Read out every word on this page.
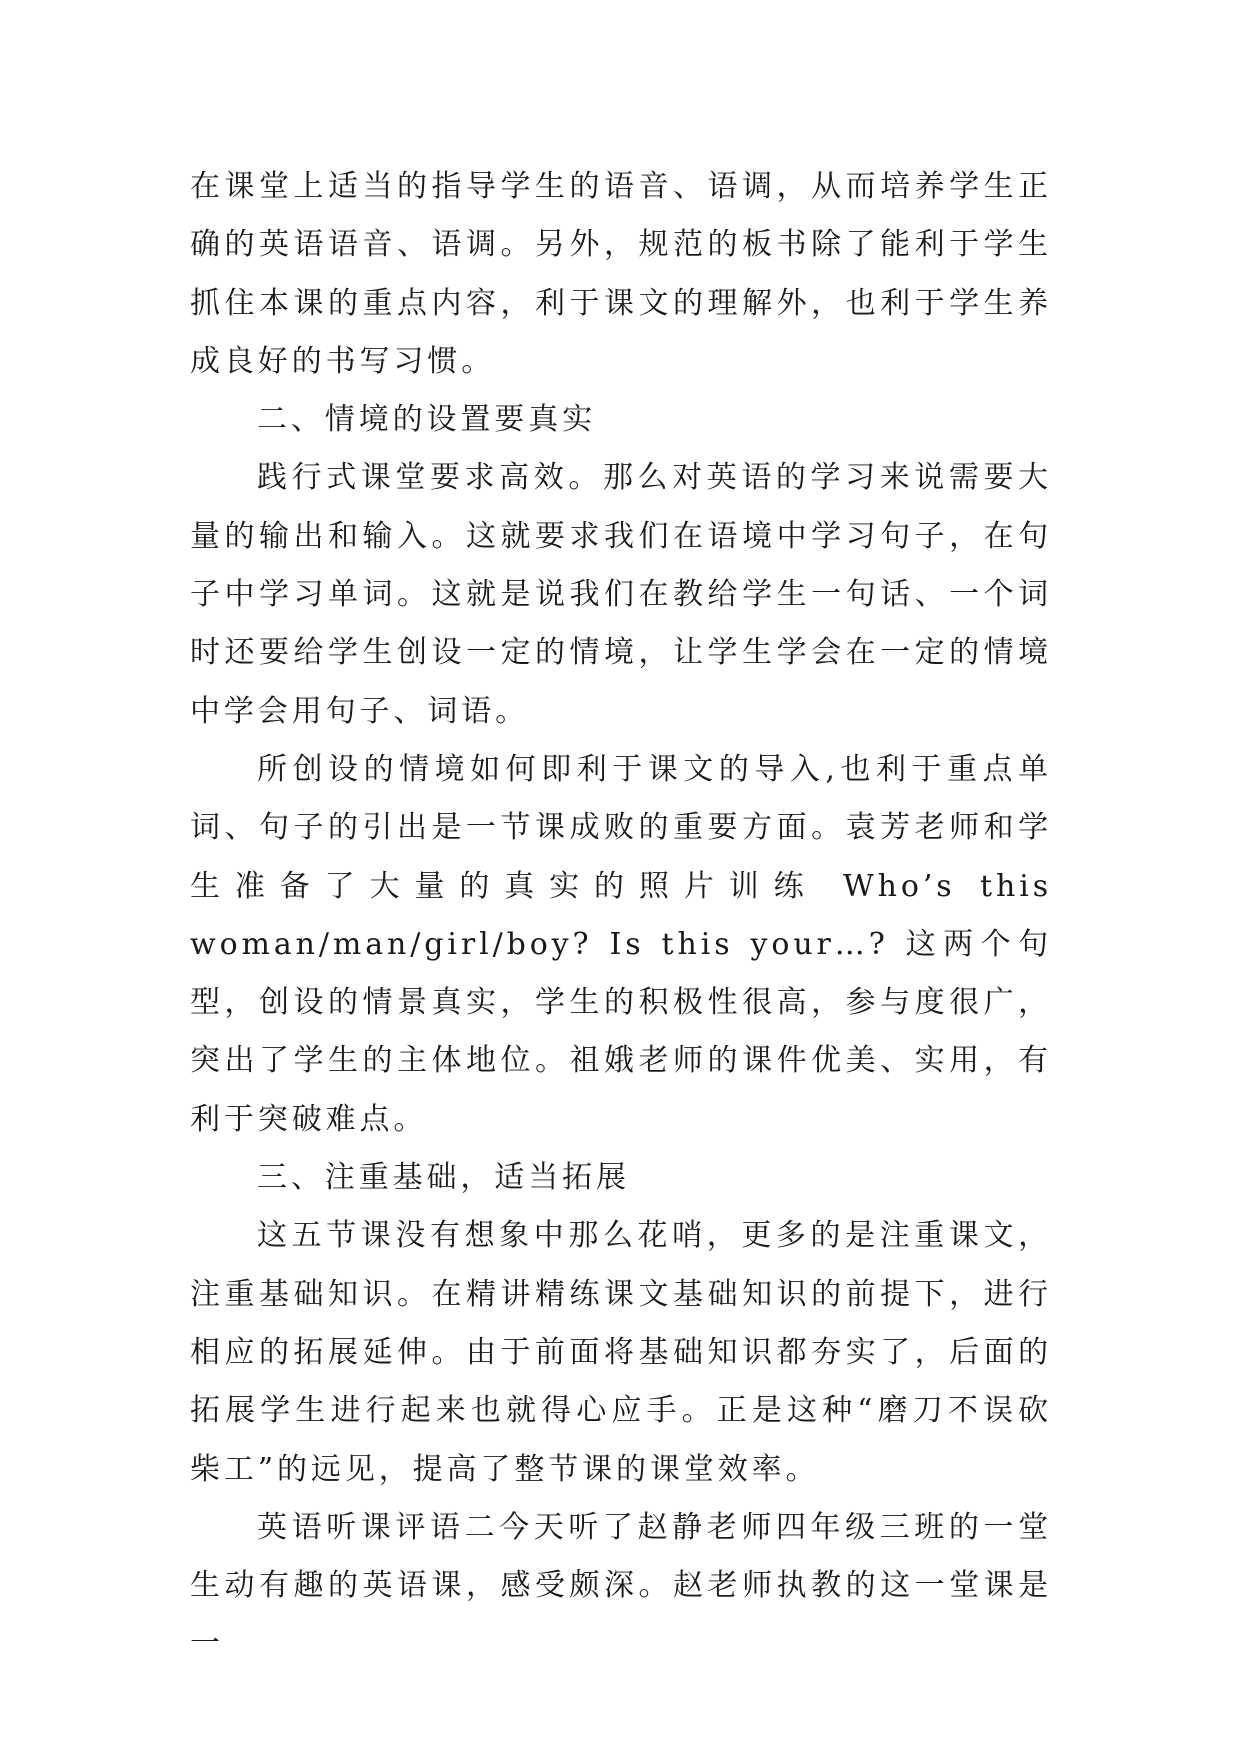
在课堂上适当的指导学生的语音、语调，从而培养学生正确的英语语音、语调。另外，规范的板书除了能利于学生抓住本课的重点内容，利于课文的理解外，也利于学生养成良好的书写习惯。

二、情境的设置要真实

践行式课堂要求高效。那么对英语的学习来说需要大量的输出和输入。这就要求我们在语境中学习句子，在句子中学习单词。这就是说我们在教给学生一句话、一个词时还要给学生创设一定的情境，让学生学会在一定的情境中学会用句子、词语。

所创设的情境如何即利于课文的导入,也利于重点单词、句子的引出是一节课成败的重要方面。袁芳老师和学生准备了大量的真实的照片训练 Who’s this woman/man/girl/boy? Is this your…? 这两个句型，创设的情景真实，学生的积极性很高，参与度很广，突出了学生的主体地位。祖娥老师的课件优美、实用，有利于突破难点。

三、注重基础，适当拓展

这五节课没有想象中那么花哨，更多的是注重课文，注重基础知识。在精讲精练课文基础知识的前提下，进行相应的拓展延伸。由于前面将基础知识都夯实了，后面的拓展学生进行起来也就得心应手。正是这种“磨刀不误砍柴工”的远见，提高了整节课的课堂效率。

英语听课评语二今天听了赵静老师四年级三班的一堂生动有趣的英语课，感受颇深。赵老师执教的这一堂课是一
